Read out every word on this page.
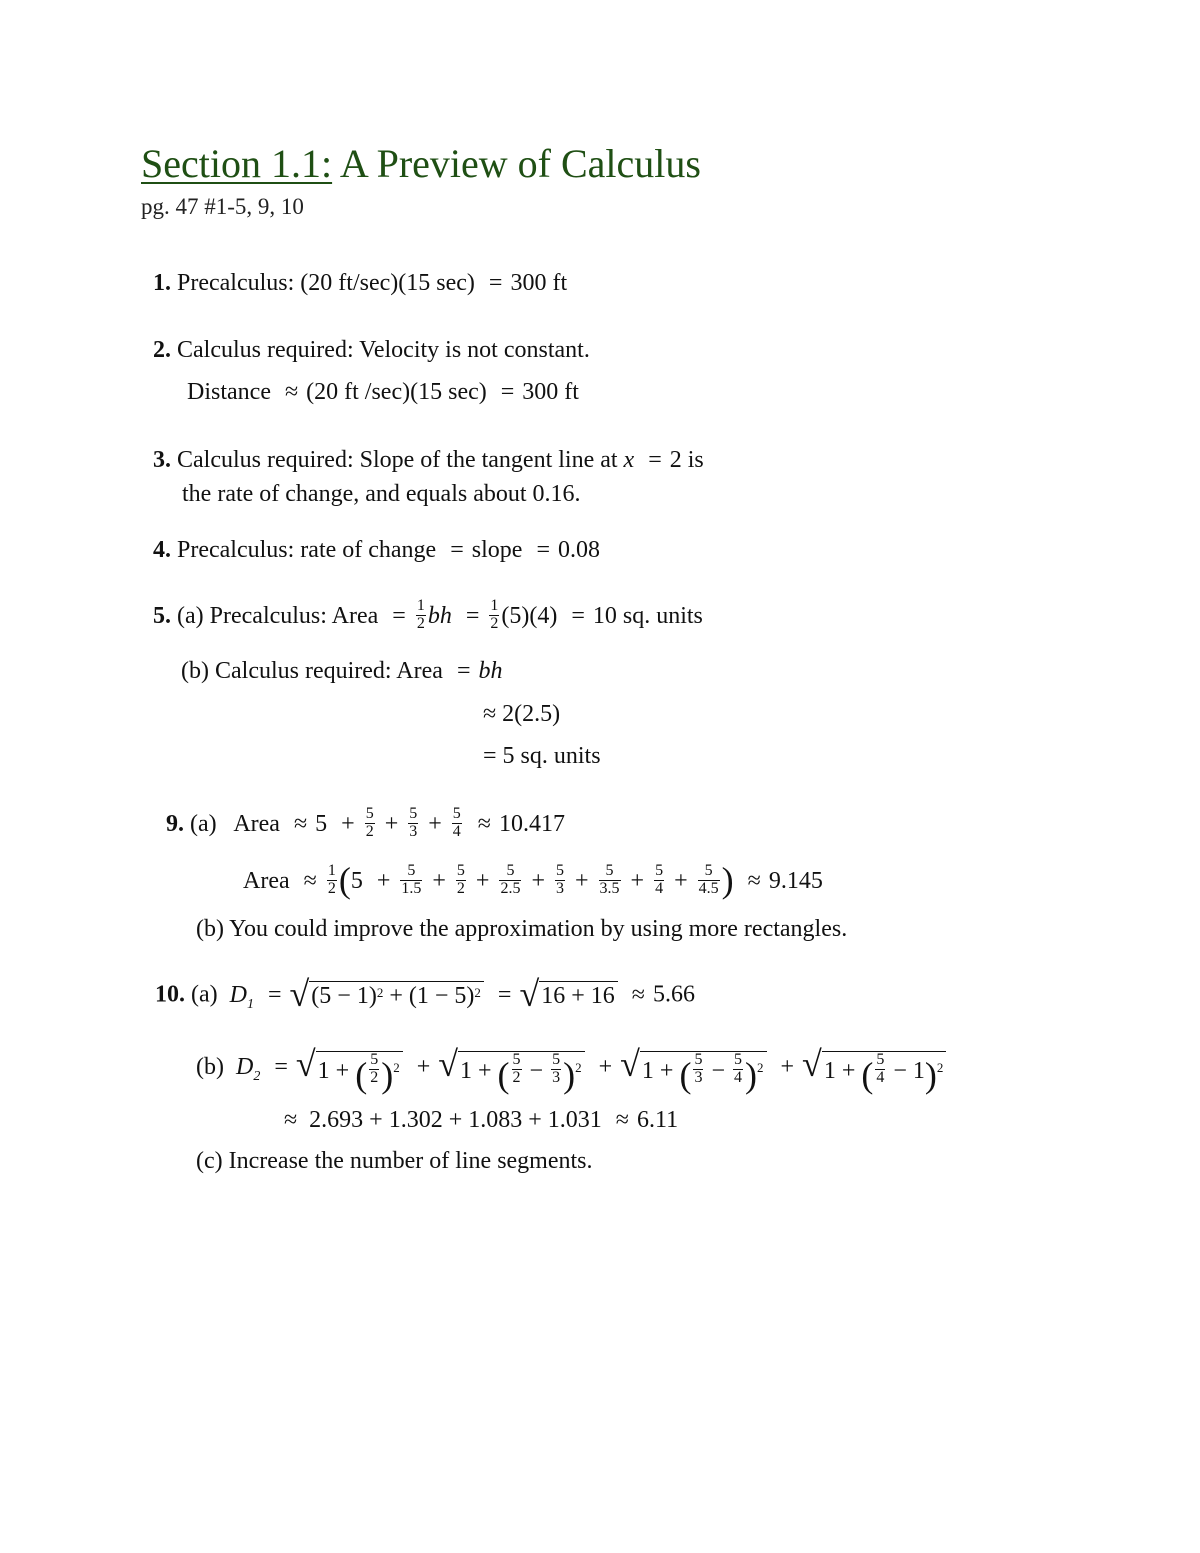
Section 1.1: A Preview of Calculus
pg. 47 #1-5, 9, 10
1. Precalculus: (20 ft/sec)(15 sec) = 300 ft
2. Calculus required: Velocity is not constant.
Distance ≈ (20 ft /sec)(15 sec) = 300 ft
3. Calculus required: Slope of the tangent line at x = 2 is
the rate of change, and equals about 0.16.
4. Precalculus: rate of change = slope = 0.08
5. (a) Precalculus: Area = $\frac{1}{2}$ bh = $\frac{1}{2} (5)(4) = 10$ sq. units
(b) Calculus required: Area = bh
≈ 2(2.5)
= 5 sq. units
9. (a) Area ≈ $5 + \frac{5}{2} + \frac{5}{3} + \frac{5}{4} \approx 10.417$
Area ≈ $\frac{1}{2} (5 + \frac{5}{1.5} + \frac{5}{2} + \frac{5}{2.5} + \frac{5}{3} + \frac{5}{3.5} + \frac{5}{4} + \frac{5}{4.5}$ ) ≈ 9.145
(b) You could improve the approximation by using more rectangles.
10. (a) $D_1$ = √ $(5 - 1)^2$
+
$(1 - 5)^2$ = √ 16 + 16 ≈ 5.66
(b) $D_2$ = √ 1
+
( $\frac{5}{2} )^2$ + √ 1
+
( $\frac{5}{2}$
−
$\frac{5}{3} )^2$ + √ 1
+
( $\frac{5}{3}$
−
$\frac{5}{4} )^2$ + √ 1
+
( $\frac{5}{4}$
−
1 )$^2$
≈ 2.693 + 1.302 + 1.083 + 1.031 ≈ 6.11
(c) Increase the number of line segments.
